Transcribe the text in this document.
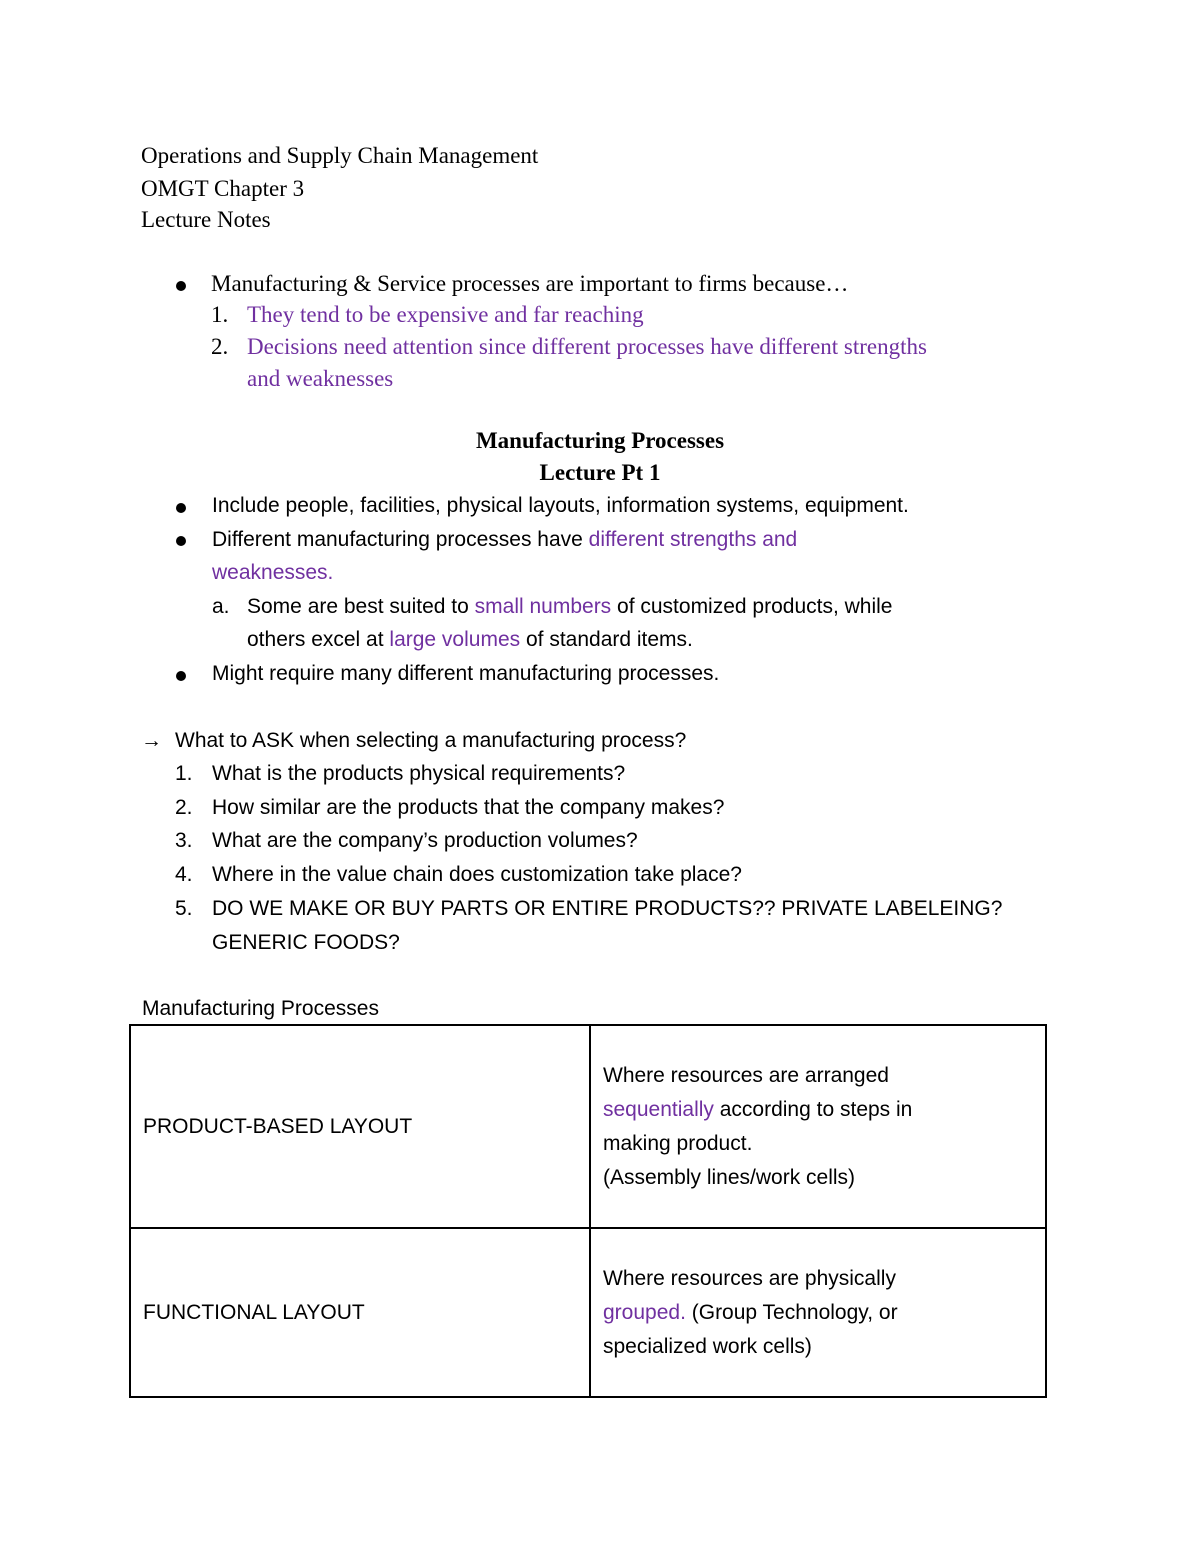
Operations and Supply Chain Management
OMGT Chapter 3
Lecture Notes
Manufacturing & Service processes are important to firms because…
1. They tend to be expensive and far reaching
2. Decisions need attention since different processes have different strengths
and weaknesses
Manufacturing Processes
Lecture Pt 1
Include people, facilities, physical layouts, information systems, equipment.
Different manufacturing processes have different strengths and
weaknesses.
a. Some are best suited to small numbers of customized products, while
others excel at large volumes of standard items.
Might require many different manufacturing processes.
→ What to ASK when selecting a manufacturing process?
1. What is the products physical requirements?
2. How similar are the products that the company makes?
3. What are the company’s production volumes?
4. Where in the value chain does customization take place?
5. DO WE MAKE OR BUY PARTS OR ENTIRE PRODUCTS?? PRIVATE LABELEING?
GENERIC FOODS?
Manufacturing Processes
PRODUCT-BASED LAYOUT	Where resources are arranged
sequentially according to steps in
making product.
(Assembly lines/work cells)

FUNCTIONAL LAYOUT	Where resources are physically
grouped. (Group Technology, or
specialized work cells)
